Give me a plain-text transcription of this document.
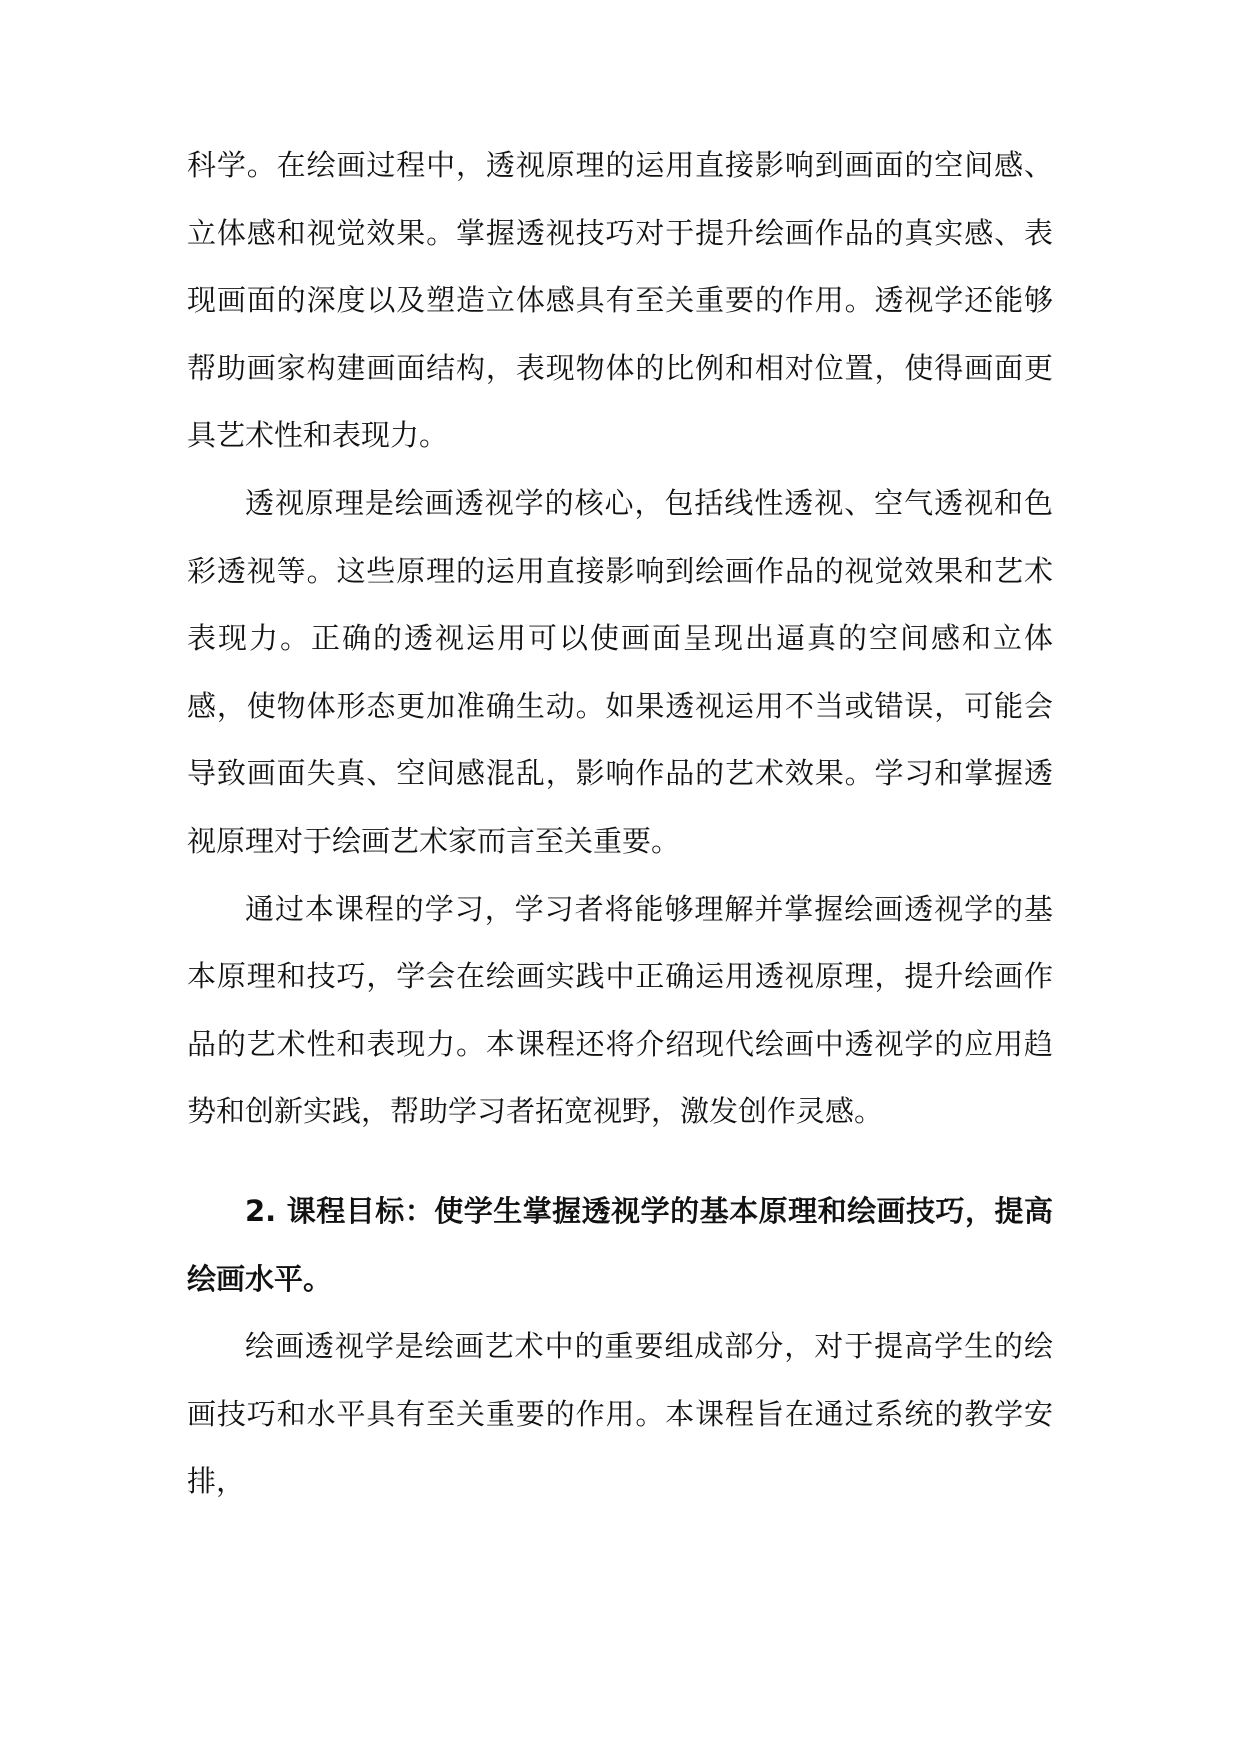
科学。在绘画过程中，透视原理的运用直接影响到画面的空间感、立体感和视觉效果。掌握透视技巧对于提升绘画作品的真实感、表现画面的深度以及塑造立体感具有至关重要的作用。透视学还能够帮助画家构建画面结构，表现物体的比例和相对位置，使得画面更具艺术性和表现力。

透视原理是绘画透视学的核心，包括线性透视、空气透视和色彩透视等。这些原理的运用直接影响到绘画作品的视觉效果和艺术表现力。正确的透视运用可以使画面呈现出逼真的空间感和立体感，使物体形态更加准确生动。如果透视运用不当或错误，可能会导致画面失真、空间感混乱，影响作品的艺术效果。学习和掌握透视原理对于绘画艺术家而言至关重要。

通过本课程的学习，学习者将能够理解并掌握绘画透视学的基本原理和技巧，学会在绘画实践中正确运用透视原理，提升绘画作品的艺术性和表现力。本课程还将介绍现代绘画中透视学的应用趋势和创新实践，帮助学习者拓宽视野，激发创作灵感。

2. 课程目标：使学生掌握透视学的基本原理和绘画技巧，提高绘画水平。

绘画透视学是绘画艺术中的重要组成部分，对于提高学生的绘画技巧和水平具有至关重要的作用。本课程旨在通过系统的教学安排，
